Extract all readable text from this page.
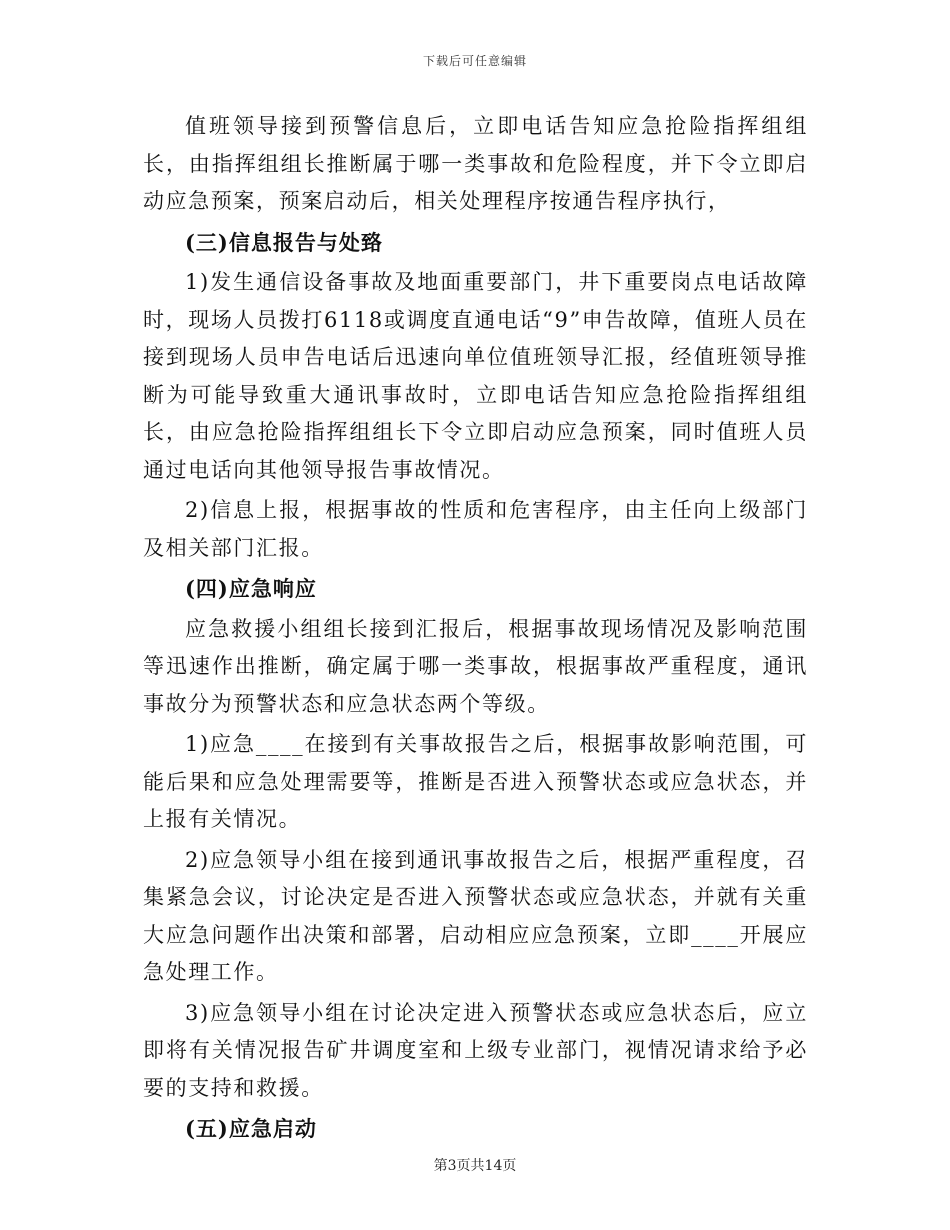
下载后可任意编辑

值班领导接到预警信息后，立即电话告知应急抢险指挥组组长，由指挥组组长推断属于哪一类事故和危险程度，并下令立即启动应急预案，预案启动后，相关处理程序按通告程序执行，

(三)信息报告与处臵

1)发生通信设备事故及地面重要部门，井下重要岗点电话故障时，现场人员拨打6118或调度直通电话“9”申告故障，值班人员在接到现场人员申告电话后迅速向单位值班领导汇报，经值班领导推断为可能导致重大通讯事故时，立即电话告知应急抢险指挥组组长，由应急抢险指挥组组长下令立即启动应急预案，同时值班人员通过电话向其他领导报告事故情况。

2)信息上报，根据事故的性质和危害程序，由主任向上级部门及相关部门汇报。

(四)应急响应

应急救援小组组长接到汇报后，根据事故现场情况及影响范围等迅速作出推断，确定属于哪一类事故，根据事故严重程度，通讯事故分为预警状态和应急状态两个等级。

1)应急____在接到有关事故报告之后，根据事故影响范围，可能后果和应急处理需要等，推断是否进入预警状态或应急状态，并上报有关情况。

2)应急领导小组在接到通讯事故报告之后，根据严重程度，召集紧急会议，讨论决定是否进入预警状态或应急状态，并就有关重大应急问题作出决策和部署，启动相应应急预案，立即____开展应急处理工作。

3)应急领导小组在讨论决定进入预警状态或应急状态后，应立即将有关情况报告矿井调度室和上级专业部门，视情况请求给予必要的支持和救援。

(五)应急启动

第3页共14页
